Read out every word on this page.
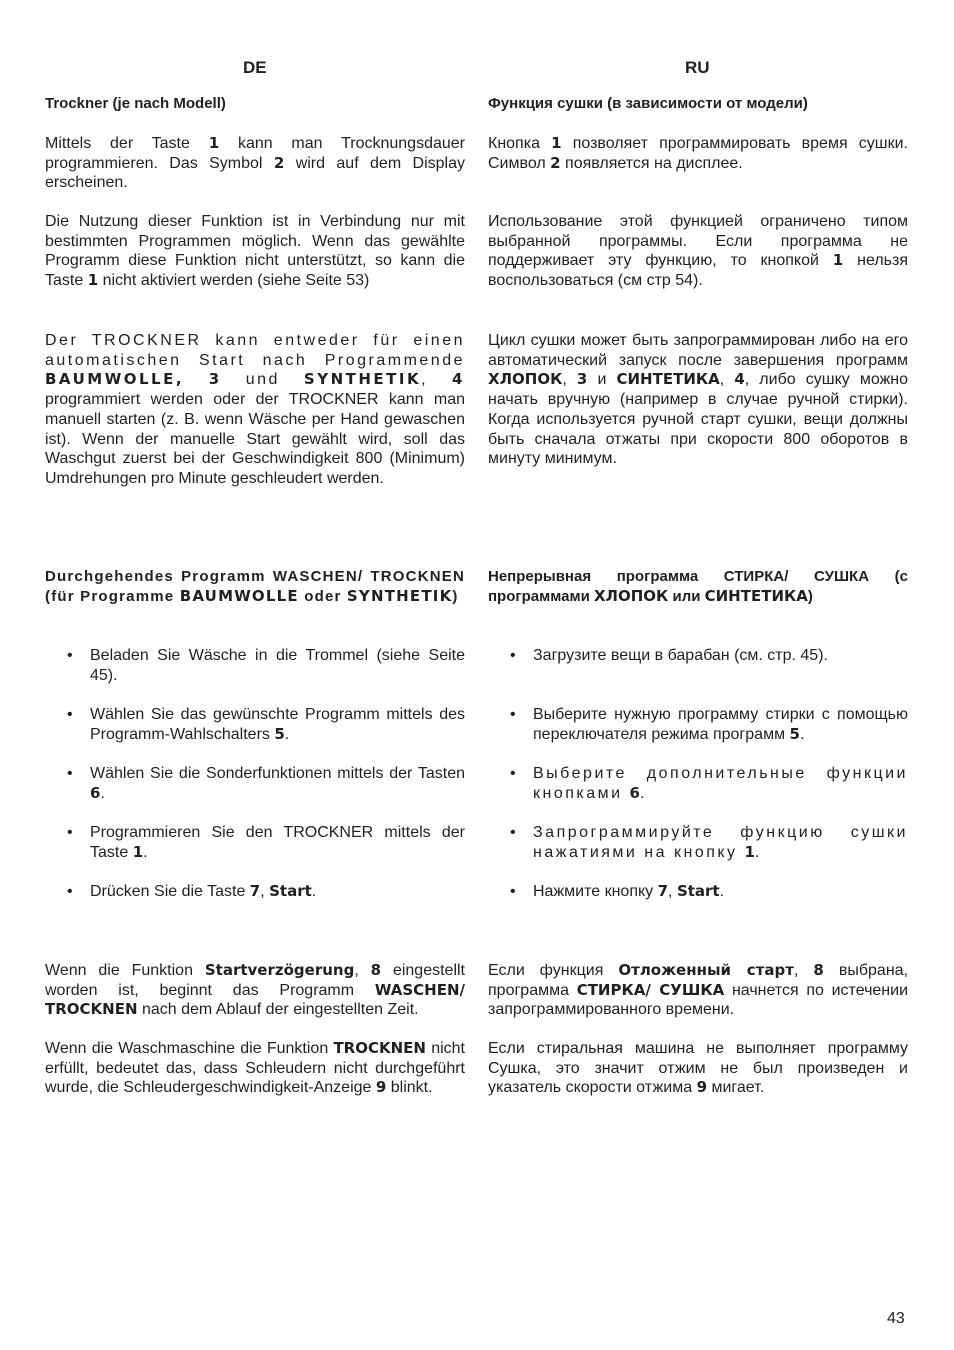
DE	RU
Trockner (je nach Modell)
Mittels der Taste 1 kann man Trocknungsdauer programmieren. Das Symbol 2 wird auf dem Display erscheinen.
Die Nutzung dieser Funktion ist in Verbindung nur mit bestimmten Programmen möglich. Wenn das gewählte Programm diese Funktion nicht unterstützt, so kann die Taste 1 nicht aktiviert werden (siehe Seite 53)
Der TROCKNER kann entweder für einen
automatischen Start nach Programmende
BAUMWOLLE, 3 und SYNTHETIK, 4
programmiert werden oder der TROCKNER kann man manuell starten (z. B. wenn Wäsche per Hand gewaschen ist). Wenn der manuelle Start gewählt wird, soll das Waschgut zuerst bei der Geschwindigkeit 800 (Minimum) Umdrehungen pro Minute geschleudert werden.
Durchgehendes Programm WASCHEN/ TROCKNEN (für Programme BAUMWOLLE oder SYNTHETIK)
• Beladen Sie Wäsche in die Trommel (siehe Seite 45).
• Wählen Sie das gewünschte Programm mittels des Programm-Wahlschalters 5.
• Wählen Sie die Sonderfunktionen mittels der Tasten 6.
• Programmieren Sie den TROCKNER mittels der Taste 1.
• Drücken Sie die Taste 7, Start.
Wenn die Funktion Startverzögerung, 8 eingestellt worden ist, beginnt das Programm WASCHEN/ TROCKNEN nach dem Ablauf der eingestellten Zeit.
Wenn die Waschmaschine die Funktion TROCKNEN nicht erfüllt, bedeutet das, dass Schleudern nicht durchgeführt wurde, die Schleudergeschwindigkeit-Anzeige 9 blinkt.
Функция сушки (в зависимости от модели)
Кнопка 1 позволяет программировать время сушки. Символ 2 появляется на дисплее.
Использование этой функцией ограничено типом выбранной программы. Если программа не поддерживает эту функцию, то кнопкой 1 нельзя воспользоваться (см стр 54).
Цикл сушки может быть запрограммирован либо на его автоматический запуск после завершения программ ХЛОПОК, 3 и СИНТЕТИКА, 4, либо сушку можно начать вручную (например в случае ручной стирки). Когда используется ручной старт сушки, вещи должны быть сначала отжаты при скорости 800 оборотов в минуту минимум.
Непрерывная программа СТИРКА/ СУШКА (с программами ХЛОПОК или СИНТЕТИКА)
• Загрузите вещи в барабан (см. стр. 45).
• Выберите нужную программу стирки с помощью переключателя режима программ 5.
• Выберите дополнительные функции кнопками 6.
• Запрограммируйте функцию сушки нажатиями на кнопку 1.
• Нажмите кнопку 7, Start.
Если функция Отложенный старт, 8 выбрана, программа СТИРКА/ СУШКА начнется по истечении запрограммированного времени.
Если стиральная машина не выполняет программу Сушка, это значит отжим не был произведен и указатель скорости отжима 9 мигает.
43
